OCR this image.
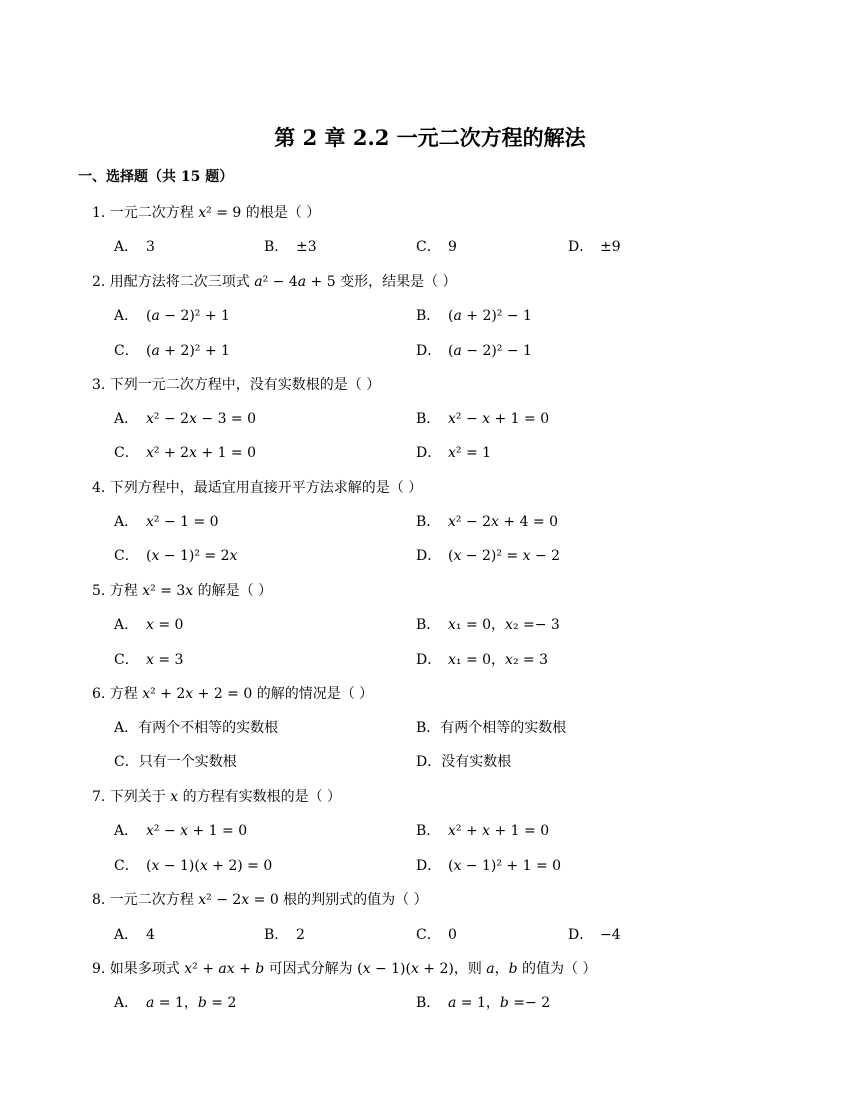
第 2 章 2.2 一元二次方程的解法
一、选择题（共 15 题）
1. 一元二次方程 𝑥² = 9 的根是（ ）
A． 3	B． ±3	C． 9	D． ±9
2. 用配方法将二次三项式 𝑎² − 4𝑎 + 5 变形，结果是（ ）
A． (𝑎 − 2)² + 1	B． (𝑎 + 2)² − 1
C． (𝑎 + 2)² + 1	D． (𝑎 − 2)² − 1
3. 下列一元二次方程中，没有实数根的是（ ）
A． 𝑥² − 2𝑥 − 3 = 0	B． 𝑥² − 𝑥 + 1 = 0
C． 𝑥² + 2𝑥 + 1 = 0	D． 𝑥² = 1
4. 下列方程中，最适宜用直接开平方法求解的是（ ）
A． 𝑥² − 1 = 0	B． 𝑥² − 2𝑥 + 4 = 0
C． (𝑥 − 1)² = 2𝑥	D． (𝑥 − 2)² = 𝑥 − 2
5. 方程 𝑥² = 3𝑥 的解是（ ）
A． 𝑥 = 0	B． 𝑥₁ = 0，𝑥₂ =− 3
C． 𝑥 = 3	D． 𝑥₁ = 0，𝑥₂ = 3
6. 方程 𝑥² + 2𝑥 + 2 = 0 的解的情况是（ ）
A．有两个不相等的实数根	B．有两个相等的实数根
C．只有一个实数根	D．没有实数根
7. 下列关于 𝑥 的方程有实数根的是（ ）
A． 𝑥² − 𝑥 + 1 = 0	B． 𝑥² + 𝑥 + 1 = 0
C． (𝑥 − 1)(𝑥 + 2) = 0	D． (𝑥 − 1)² + 1 = 0
8. 一元二次方程 𝑥² − 2𝑥 = 0 根的判别式的值为（ ）
A． 4	B． 2	C． 0	D． −4
9. 如果多项式 𝑥² + 𝑎𝑥 + 𝑏 可因式分解为 (𝑥 − 1)(𝑥 + 2)，则 𝑎，𝑏 的值为（ ）
A． 𝑎 = 1，𝑏 = 2	B． 𝑎 = 1，𝑏 =− 2
